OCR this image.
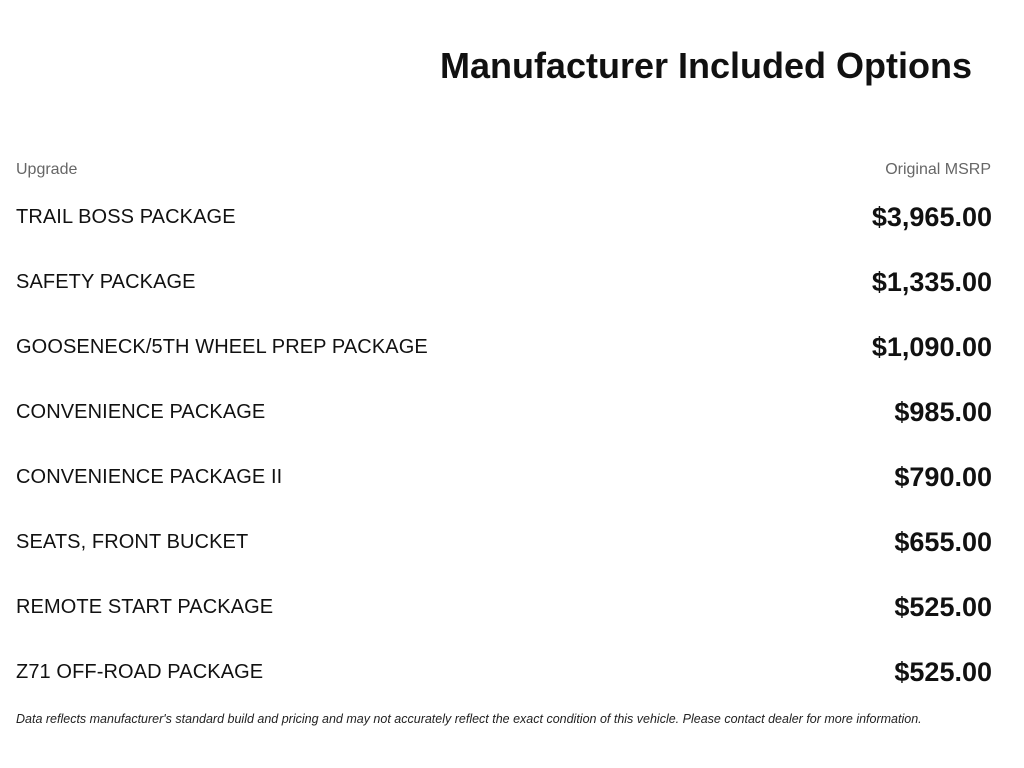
Manufacturer Included Options
Upgrade	Original MSRP
TRAIL BOSS PACKAGE	$3,965.00
SAFETY PACKAGE	$1,335.00
GOOSENECK/5TH WHEEL PREP PACKAGE	$1,090.00
CONVENIENCE PACKAGE	$985.00
CONVENIENCE PACKAGE II	$790.00
SEATS, FRONT BUCKET	$655.00
REMOTE START PACKAGE	$525.00
Z71 OFF-ROAD PACKAGE	$525.00
Data reflects manufacturer's standard build and pricing and may not accurately reflect the exact condition of this vehicle. Please contact dealer for more information.
